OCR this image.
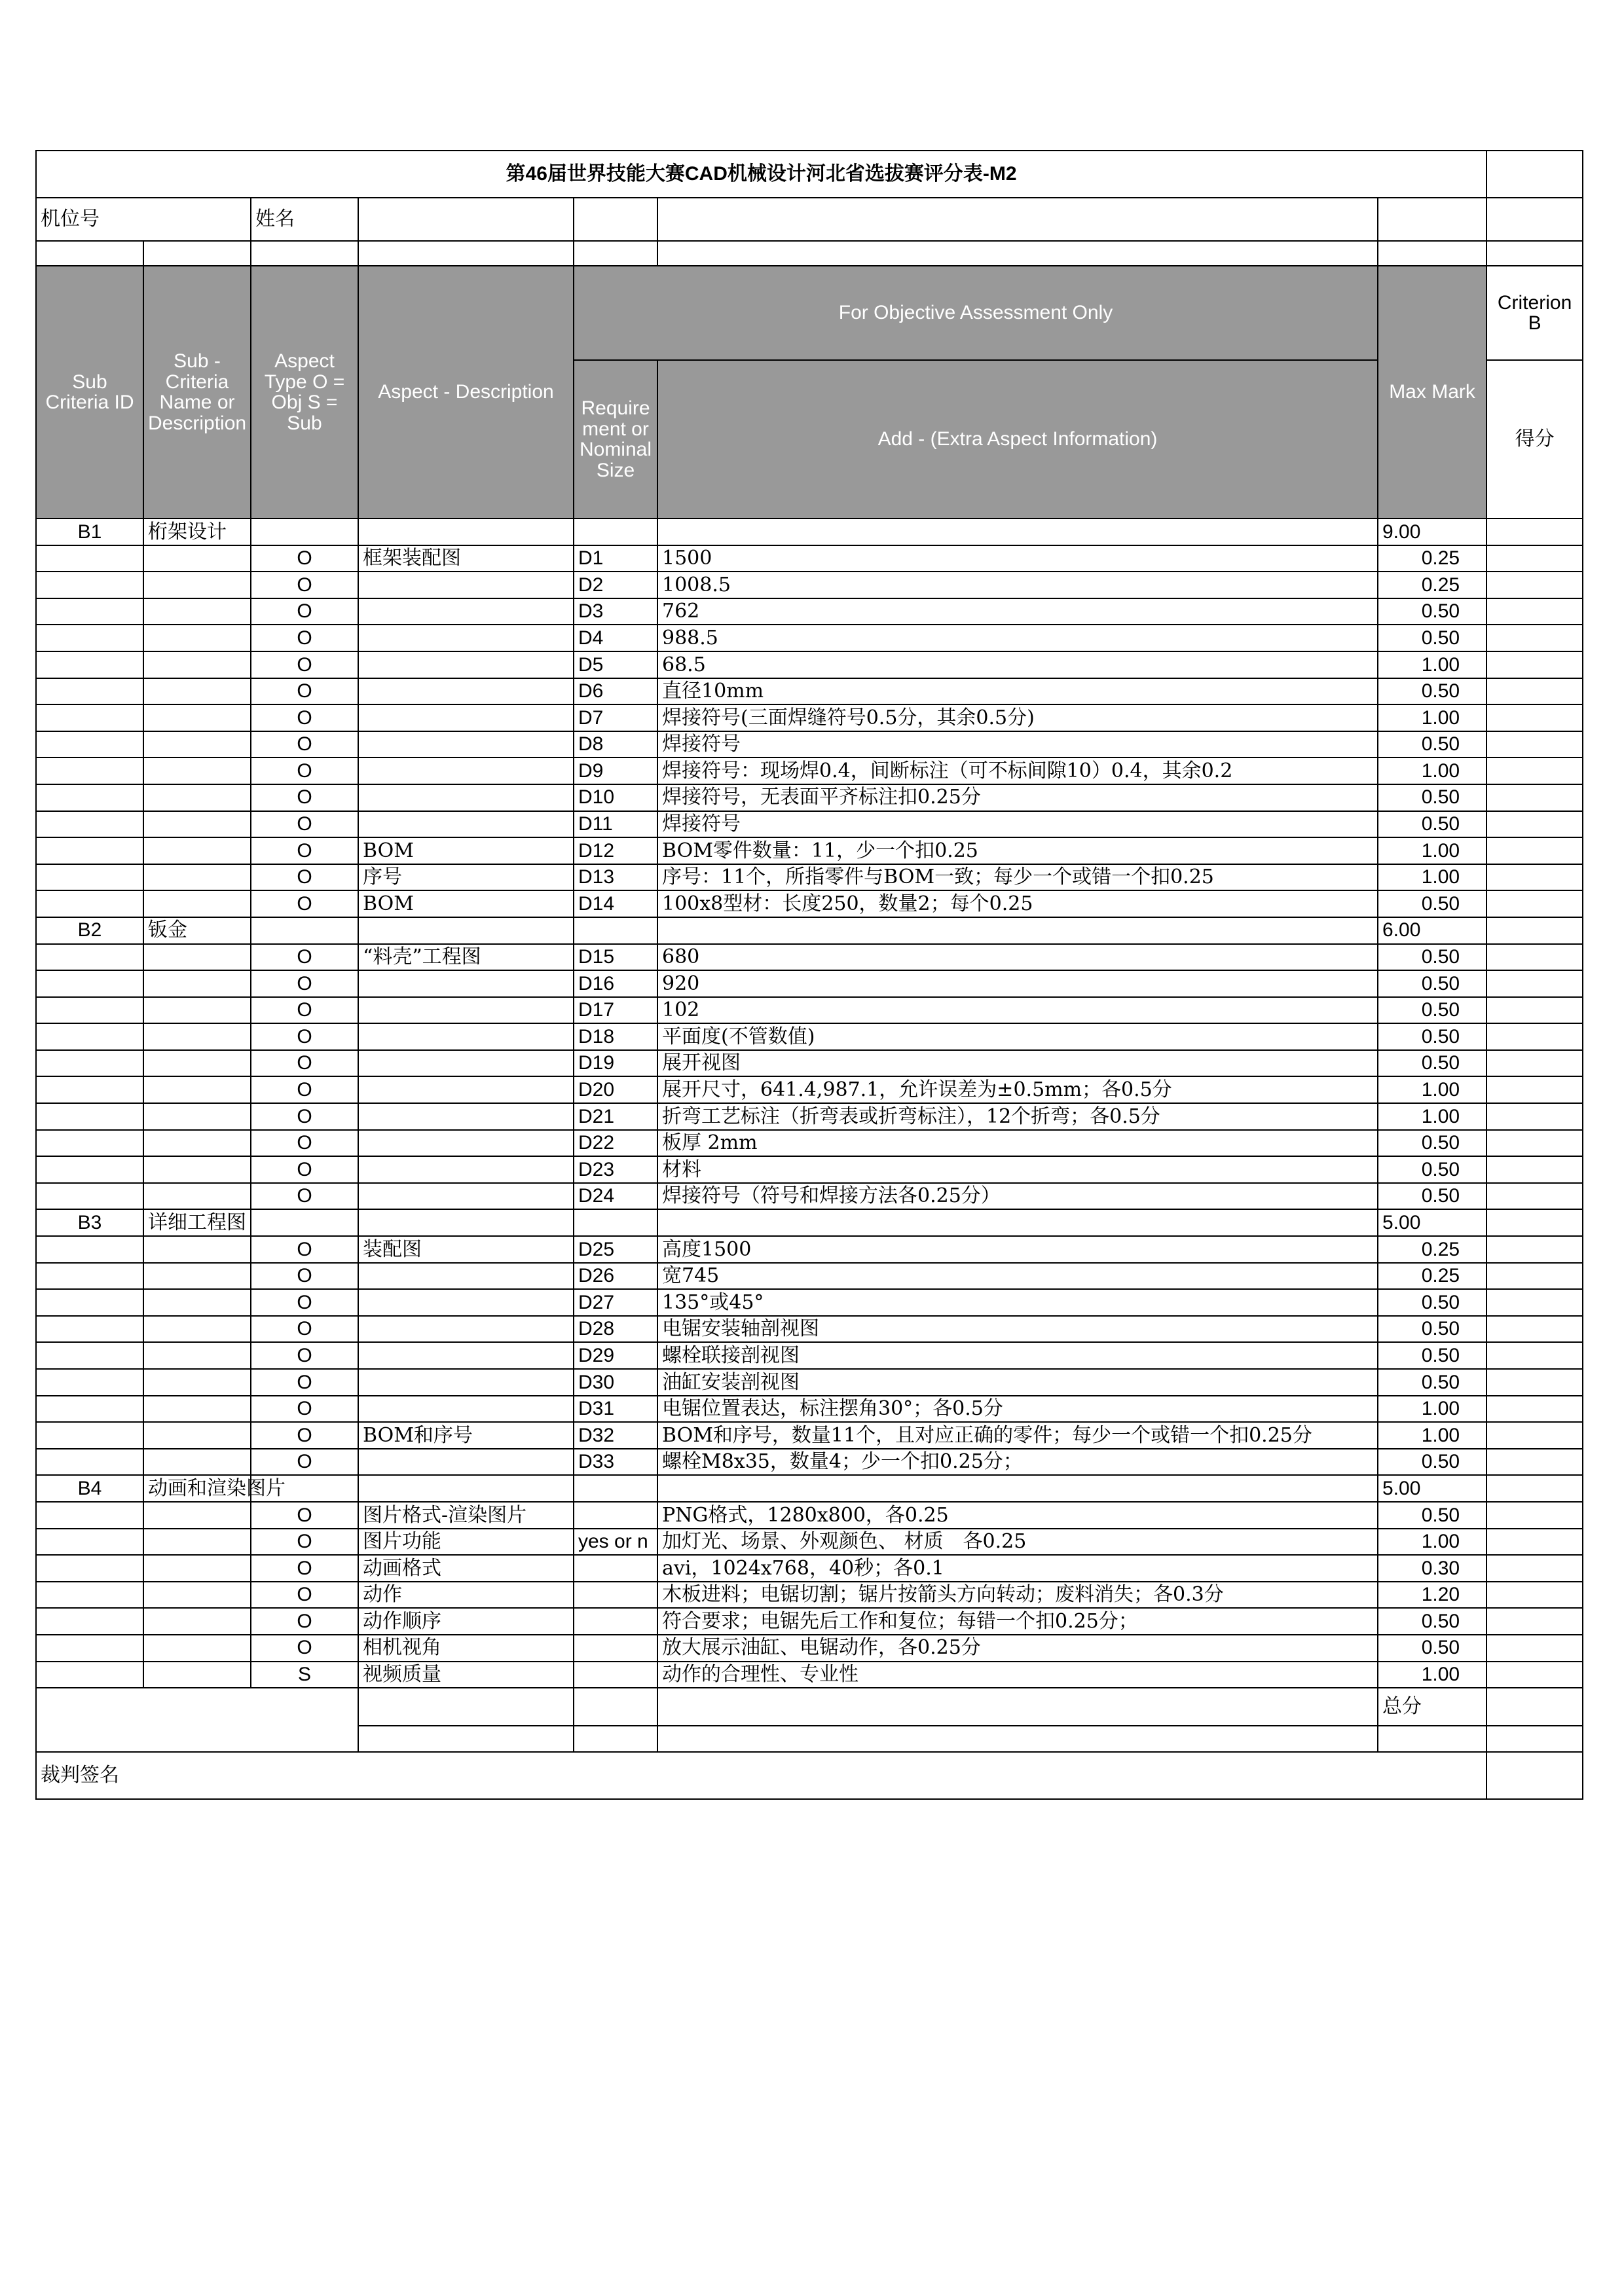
第46届世界技能大赛CAD机械设计河北省选拔赛评分表-M2							
机位号		姓名					

Sub Criteria ID	Sub - Criteria Name or Description	Aspect Type O = Obj S = Sub	Aspect - Description	For Objective Assessment Only		Max Mark	Criterion B
				Requirement or Nominal Size	Add - (Extra Aspect Information)		得分
B1	桁架设计					9.00	
		O	框架装配图	D1	1500	0.25	
		O		D2	1008.5	0.25	
		O		D3	762	0.50	
		O		D4	988.5	0.50	
		O		D5	68.5	1.00	
		O		D6	直径10mm	0.50	
		O		D7	焊接符号(三面焊缝符号0.5分，其余0.5分)	1.00	
		O		D8	焊接符号	0.50	
		O		D9	焊接符号：现场焊0.4，间断标注（可不标间隙10）0.4，其余0.2	1.00	
		O		D10	焊接符号，无表面平齐标注扣0.25分	0.50	
		O		D11	焊接符号	0.50	
		O	BOM	D12	BOM零件数量：11，少一个扣0.25	1.00	
		O	序号	D13	序号：11个，所指零件与BOM一致；每少一个或错一个扣0.25	1.00	
		O	BOM	D14	100x8型材：长度250，数量2；每个0.25	0.50	
B2	钣金					6.00	
		O	“料壳”工程图	D15	680	0.50	
		O		D16	920	0.50	
		O		D17	102	0.50	
		O		D18	平面度(不管数值)	0.50	
		O		D19	展开视图	0.50	
		O		D20	展开尺寸，641.4,987.1，允许误差为±0.5mm；各0.5分	1.00	
		O		D21	折弯工艺标注（折弯表或折弯标注），12个折弯；各0.5分	1.00	
		O		D22	板厚 2mm	0.50	
		O		D23	材料	0.50	
		O		D24	焊接符号（符号和焊接方法各0.25分）	0.50	
B3	详细工程图					5.00	
		O	装配图	D25	高度1500	0.25	
		O		D26	宽745	0.25	
		O		D27	135°或45°	0.50	
		O		D28	电锯安装轴剖视图	0.50	
		O		D29	螺栓联接剖视图	0.50	
		O		D30	油缸安装剖视图	0.50	
		O		D31	电锯位置表达，标注摆角30°；各0.5分	1.00	
		O	BOM和序号	D32	BOM和序号，数量11个，且对应正确的零件；每少一个或错一个扣0.25分	1.00	
		O		D33	螺栓M8x35，数量4；少一个扣0.25分；	0.50	
B4	动画和渲染图片					5.00	
		O	图片格式-渲染图片		PNG格式，1280x800，各0.25	0.50	
		O	图片功能	yes or n	加灯光、场景、外观颜色、 材质　各0.25	1.00	
		O	动画格式		avi，1024x768，40秒；各0.1	0.30	
		O	动作		木板进料；电锯切割；锯片按箭头方向转动；废料消失；各0.3分	1.20	
		O	动作顺序		符合要求；电锯先后工作和复位；每错一个扣0.25分；	0.50	
		O	相机视角		放大展示油缸、电锯动作，各0.25分	0.50	
		S	视频质量		动作的合理性、专业性	1.00	
						总分	

裁判签名							
